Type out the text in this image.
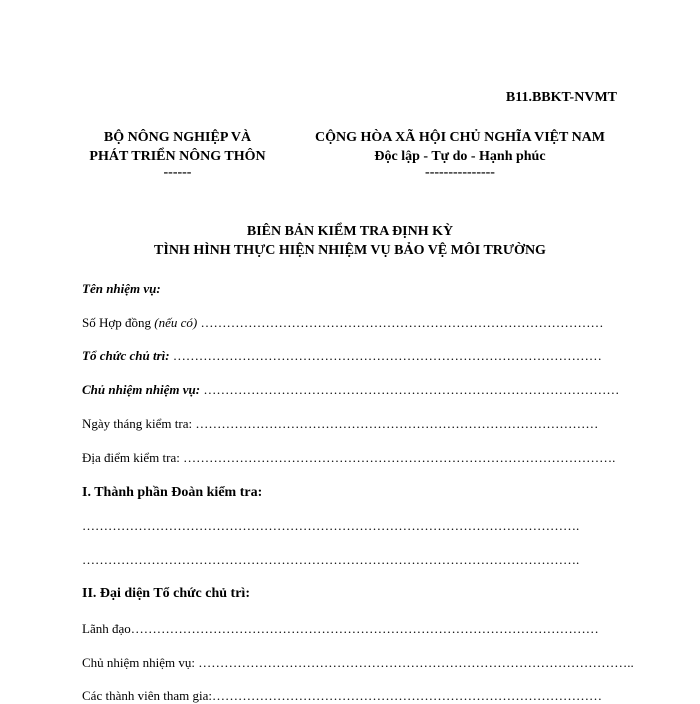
B11.BBKT-NVMT
BỘ NÔNG NGHIỆP VÀ
PHÁT TRIỂN NÔNG THÔN
------
CỘNG HÒA XÃ HỘI CHỦ NGHĨA VIỆT NAM
Độc lập - Tự do - Hạnh phúc
---------------
BIÊN BẢN KIỂM TRA ĐỊNH KỲ
TÌNH HÌNH THỰC HIỆN NHIỆM VỤ BẢO VỆ MÔI TRƯỜNG
Tên nhiệm vụ:
Số Hợp đồng (nếu có) …………………………………………………………………………………
Tổ chức chủ trì: ………………………………………………………………………………………
Chủ nhiệm nhiệm vụ: ……………………………………………………………………………………
Ngày tháng kiểm tra: …………………………………………………………………………………
Địa điểm kiểm tra: ……………………………………………………………………………………….
I. Thành phần Đoàn kiểm tra:
…………………………………………………………………………………………………….
…………………………………………………………………………………………………….
II. Đại diện Tổ chức chủ trì:
Lãnh đạo………………………………………………………………………………………………
Chủ nhiệm nhiệm vụ: ………………………………………………………………………………………..
Các thành viên tham gia:………………………………………………………………………………
